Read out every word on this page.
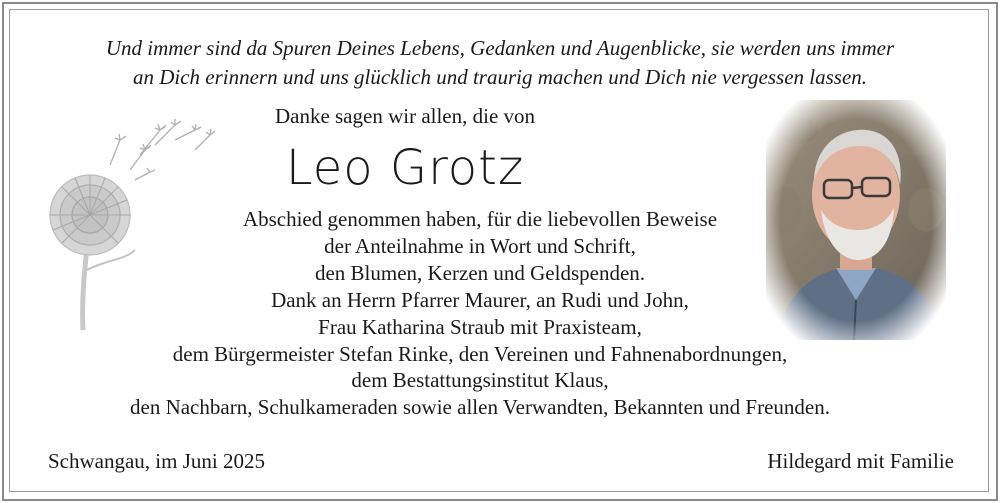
Und immer sind da Spuren Deines Lebens, Gedanken und Augenblicke, sie werden uns immer
an Dich erinnern und uns glücklich und traurig machen und Dich nie vergessen lassen.
Danke sagen wir allen, die von
Leo Grotz
Abschied genommen haben, für die liebevollen Beweise
der Anteilnahme in Wort und Schrift,
den Blumen, Kerzen und Geldspenden.
Dank an Herrn Pfarrer Maurer, an Rudi und John,
Frau Katharina Straub mit Praxisteam,
dem Bürgermeister Stefan Rinke, den Vereinen und Fahnenabordnungen,
dem Bestattungsinstitut Klaus,
den Nachbarn, Schulkameraden sowie allen Verwandten, Bekannten und Freunden.
Schwangau, im Juni 2025	Hildegard mit Familie
